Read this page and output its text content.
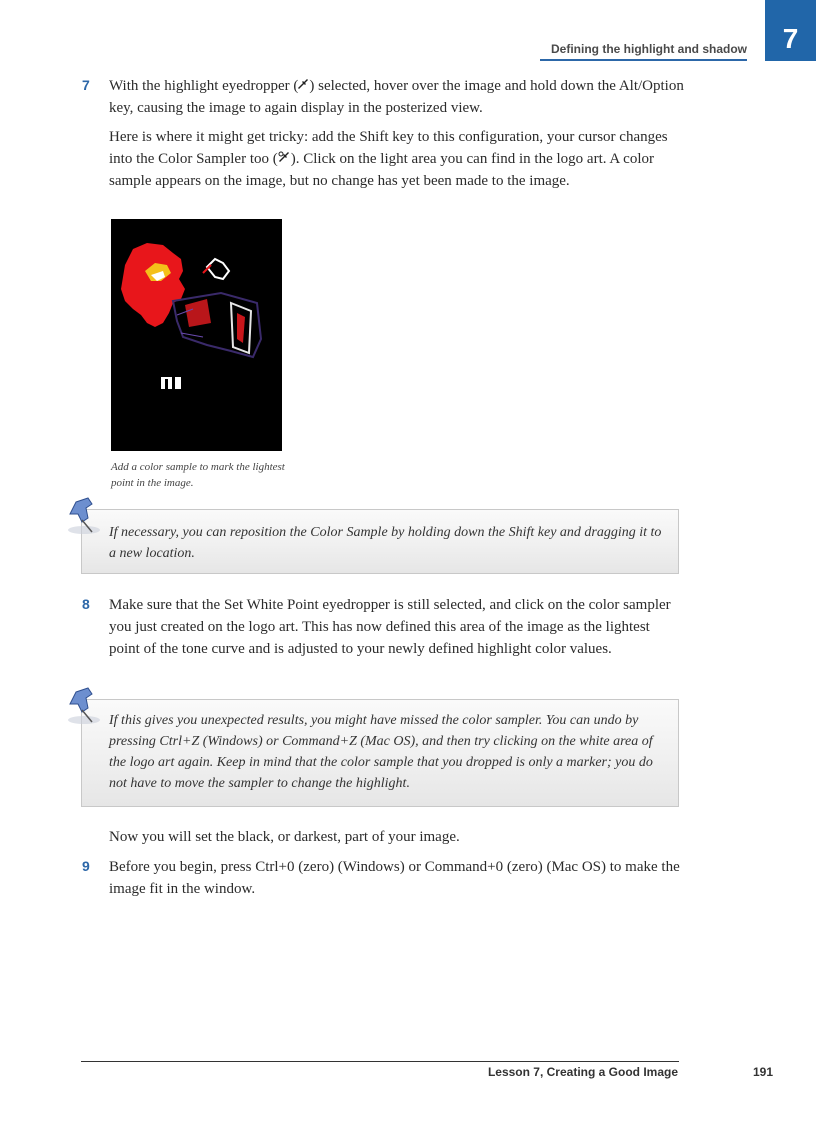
Defining the highlight and shadow 7
7 With the highlight eyedropper ( ) selected, hover over the image and hold down the Alt/Option key, causing the image to again display in the posterized view.
Here is where it might get tricky: add the Shift key to this configuration, your cursor changes into the Color Sampler too ( ). Click on the light area you can find in the logo art. A color sample appears on the image, but no change has yet been made to the image.
Add a color sample to mark the lightest point in the image.
If necessary, you can reposition the Color Sample by holding down the Shift key and dragging it to a new location.
8 Make sure that the Set White Point eyedropper is still selected, and click on the color sampler you just created on the logo art. This has now defined this area of the image as the lightest point of the tone curve and is adjusted to your newly defined highlight color values.
If this gives you unexpected results, you might have missed the color sampler. You can undo by pressing Ctrl+Z (Windows) or Command+Z (Mac OS), and then try clicking on the white area of the logo art again. Keep in mind that the color sample that you dropped is only a marker; you do not have to move the sampler to change the highlight.
Now you will set the black, or darkest, part of your image.
9 Before you begin, press Ctrl+0 (zero) (Windows) or Command+0 (zero) (Mac OS) to make the image fit in the window.
Lesson 7, Creating a Good Image	191
